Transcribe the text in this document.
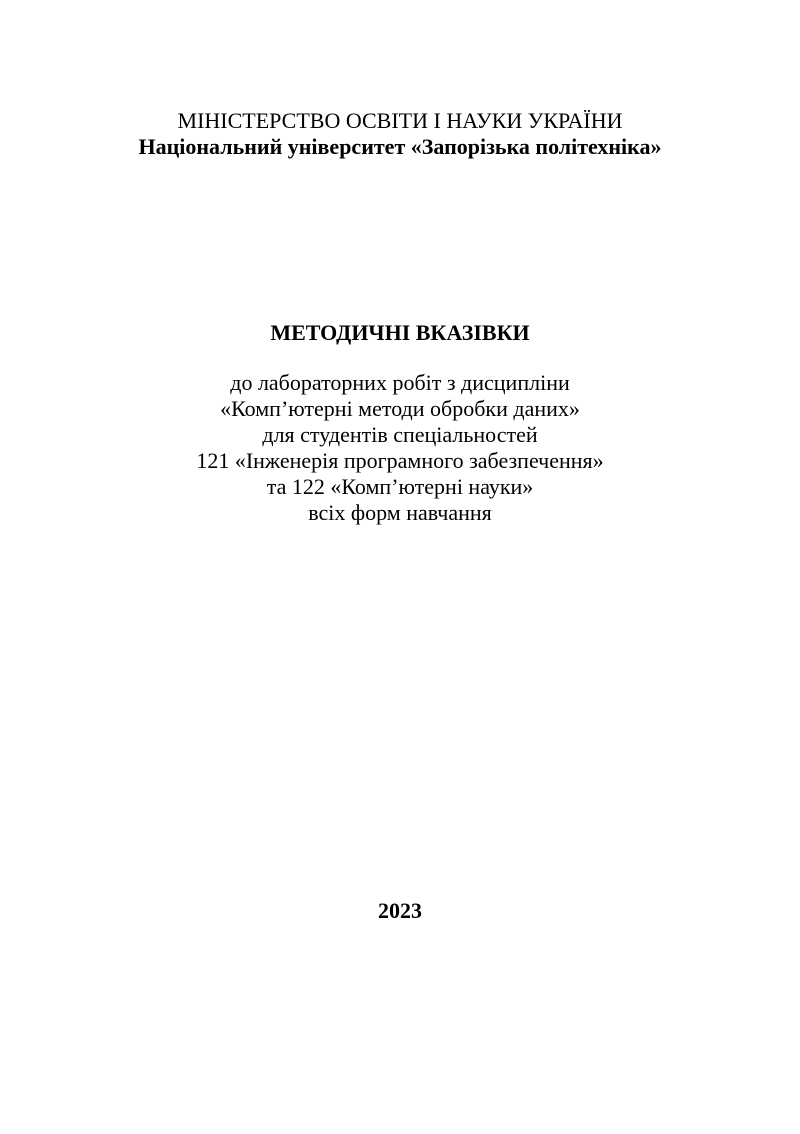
МІНІСТЕРСТВО ОСВІТИ І НАУКИ УКРАЇНИ
Національний університет «Запорізька політехніка»
МЕТОДИЧНІ ВКАЗІВКИ
до лабораторних робіт з дисципліни
«Комп’ютерні методи обробки даних»
для студентів спеціальностей
121 «Інженерія програмного забезпечення»
та 122 «Комп’ютерні науки»
всіх форм навчання
2023
